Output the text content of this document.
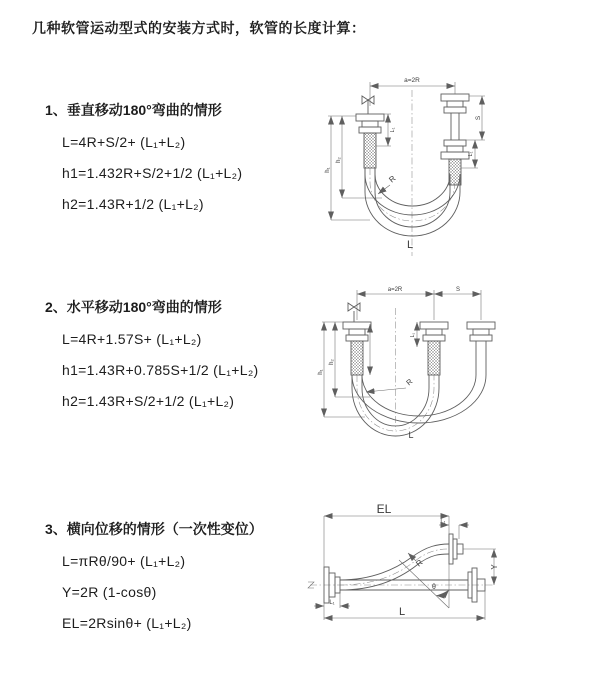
几种软管运动型式的安装方式时，软管的长度计算：
1、垂直移动180°弯曲的情形
L=4R+S/2+ (L₁+L₂)
h1=1.432R+S/2+1/2 (L₁+L₂)
h2=1.43R+1/2 (L₁+L₂)
a=2R
h₁
h₂
L₁
S
L₁
R
L
2、水平移动180°弯曲的情形
L=4R+1.57S+ (L₁+L₂)
h1=1.43R+0.785S+1/2 (L₁+L₂)
h2=1.43R+S/2+1/2 (L₁+L₂)
a=2R	S
h₁
h₂
L₁
R
L
3、横向位移的情形（一次性变位）
L=πRθ/90+ (L₁+L₂)
Y=2R (1-cosθ)
EL=2Rsinθ+ (L₁+L₂)
EL
L₁
Y
R
θ
L
L₁
